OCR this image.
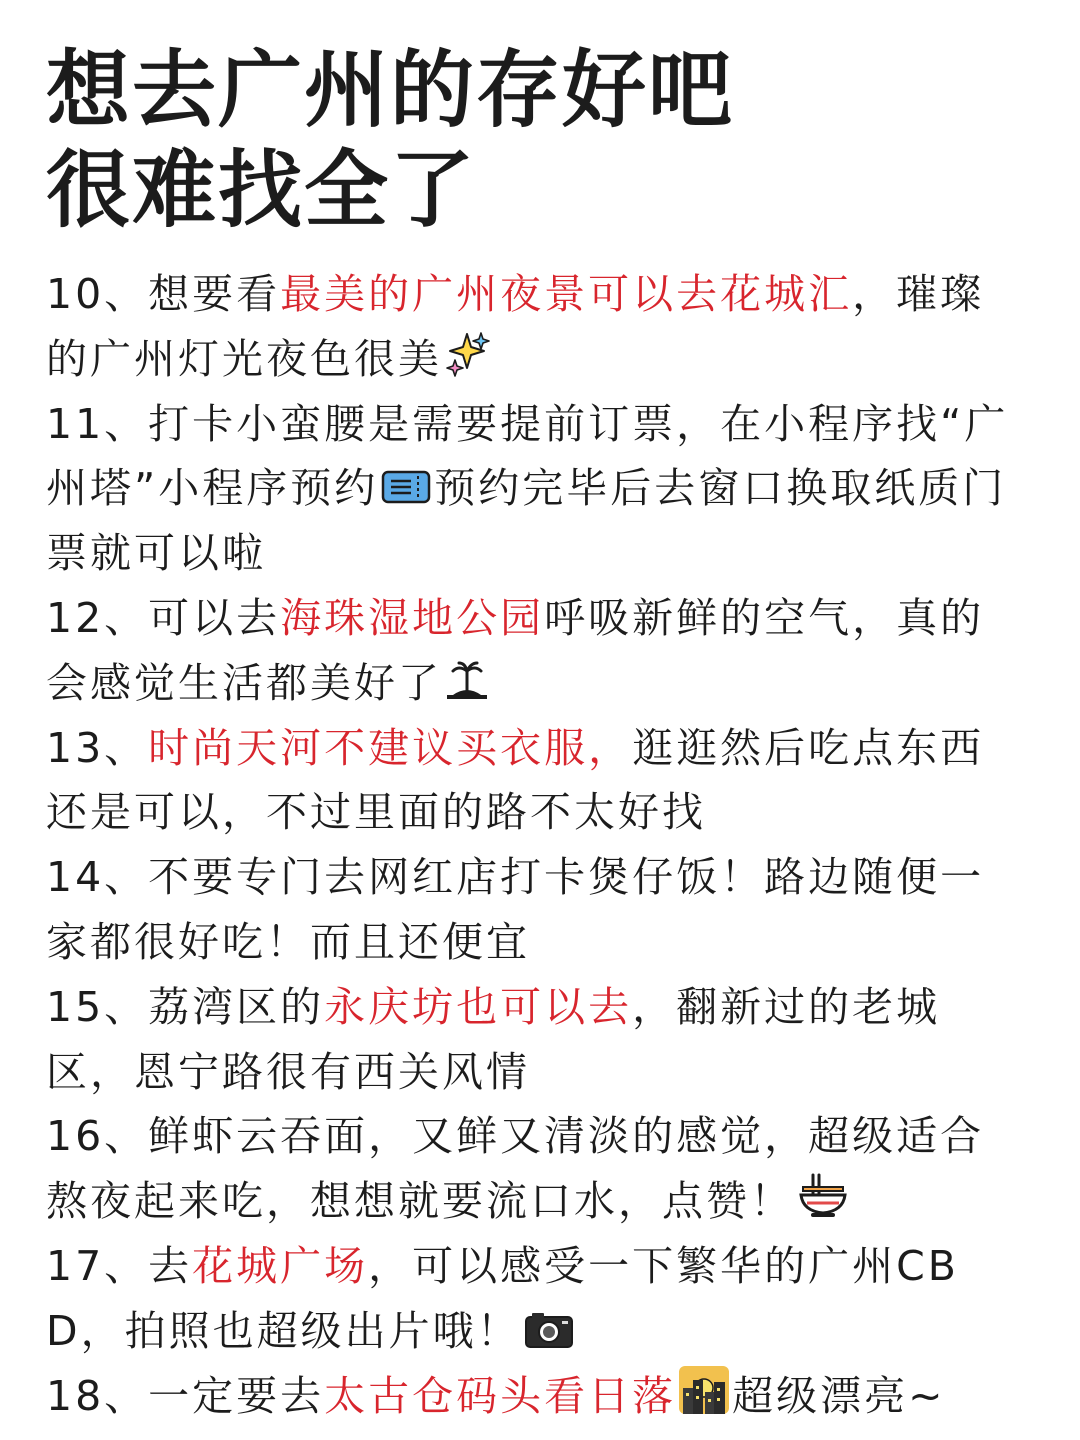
想去广州的存好吧
很难找全了

10、想要看最美的广州夜景可以去花城汇，璀璨的广州灯光夜色很美

11、打卡小蛮腰是需要提前订票，在小程序找“广州塔”小程序预约 预约完毕后去窗口换取纸质门票就可以啦

12、可以去海珠湿地公园呼吸新鲜的空气，真的会感觉生活都美好了

13、时尚天河不建议买衣服，逛逛然后吃点东西还是可以，不过里面的路不太好找

14、不要专门去网红店打卡煲仔饭！路边随便一家都很好吃！而且还便宜

15、荔湾区的永庆坊也可以去，翻新过的老城区，恩宁路很有西关风情

16、鲜虾云吞面，又鲜又清淡的感觉，超级适合熬夜起来吃，想想就要流口水，点赞！

17、去花城广场，可以感受一下繁华的广州CBD，拍照也超级出片哦！

18、一定要去太古仓码头看日落 超级漂亮~
